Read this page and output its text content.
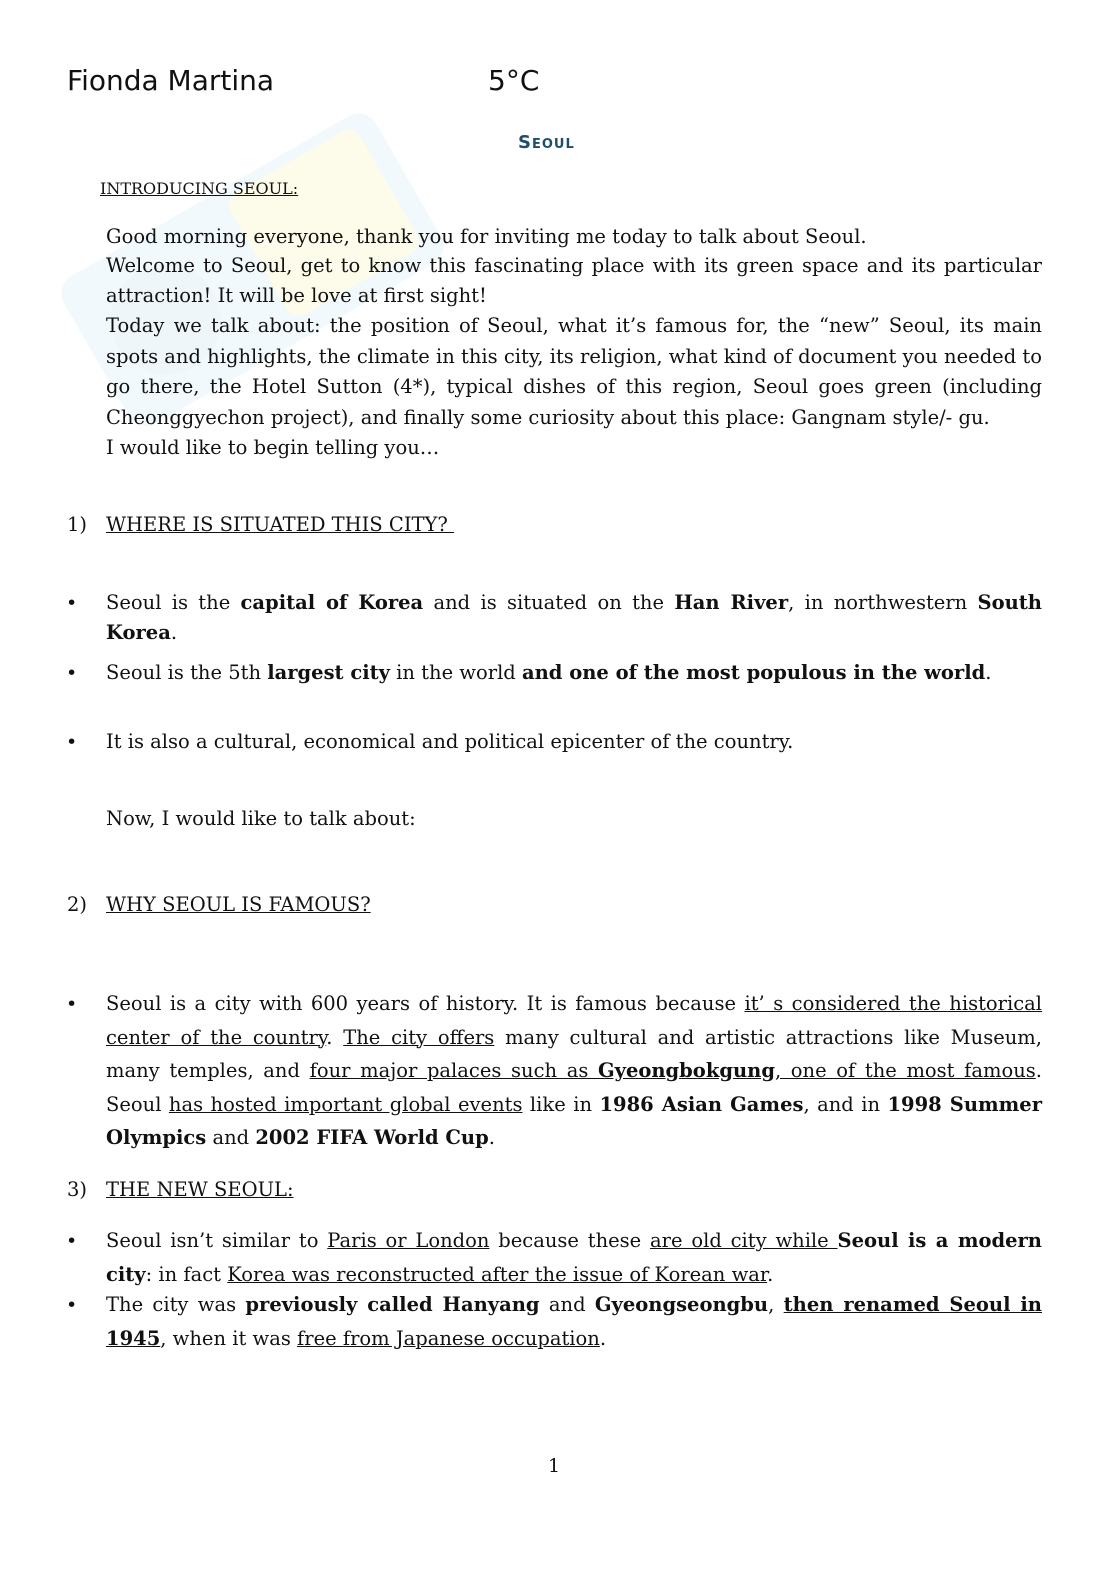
Fionda Martina	5°C
Seoul
INTRODUCING SEOUL:
Good morning everyone, thank you for inviting me today to talk about Seoul.
Welcome to Seoul, get to know this fascinating place with its green space and its particular attraction! It will be love at first sight!
Today we talk about: the position of Seoul, what it’s famous for, the “new” Seoul, its main spots and highlights, the climate in this city, its religion, what kind of document you needed to go there, the Hotel Sutton (4*), typical dishes of this region, Seoul goes green (including Cheonggyechon project), and finally some curiosity about this place: Gangnam style/- gu.
I would like to begin telling you…
1) WHERE IS SITUATED THIS CITY?
• Seoul is the capital of Korea and is situated on the Han River, in northwestern South Korea.
• Seoul is the 5th largest city in the world and one of the most populous in the world.
• It is also a cultural, economical and political epicenter of the country.
Now, I would like to talk about:
2) WHY SEOUL IS FAMOUS?
• Seoul is a city with 600 years of history. It is famous because it’ s considered the historical center of the country. The city offers many cultural and artistic attractions like Museum, many temples, and four major palaces such as Gyeongbokgung, one of the most famous. Seoul has hosted important global events like in 1986 Asian Games, and in 1998 Summer Olympics and 2002 FIFA World Cup.
3) THE NEW SEOUL:
• Seoul isn’t similar to Paris or London because these are old city while Seoul is a modern city: in fact Korea was reconstructed after the issue of Korean war.
• The city was previously called Hanyang and Gyeongseongbu, then renamed Seoul in 1945, when it was free from Japanese occupation.
1
